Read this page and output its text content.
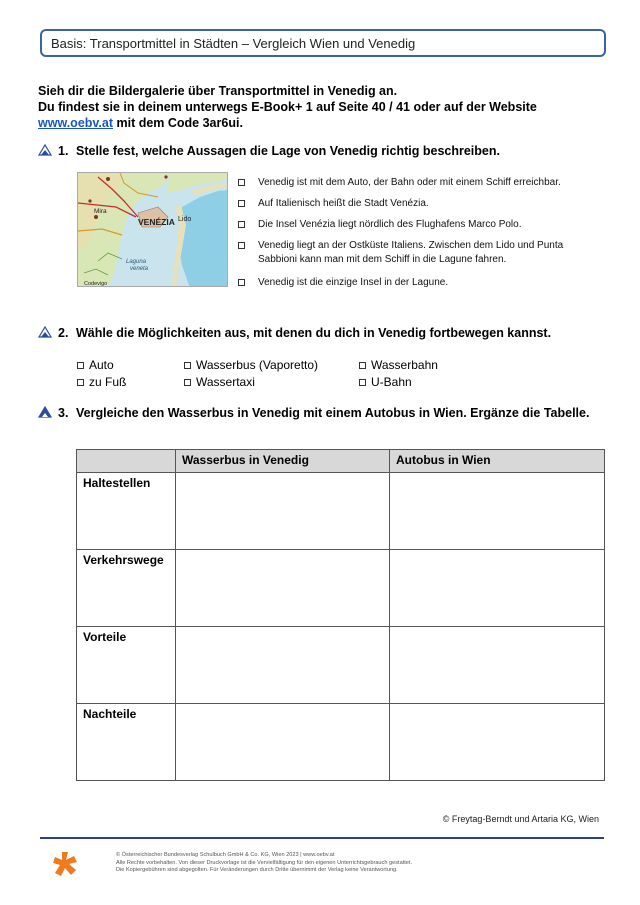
Basis: Transportmittel in Städten – Vergleich Wien und Venedig
Sieh dir die Bildergalerie über Transportmittel in Venedig an.
Du findest sie in deinem unterwegs E-Book+ 1 auf Seite 40 / 41 oder auf der Website
www.oebv.at mit dem Code 3ar6ui.
1. Stelle fest, welche Aussagen die Lage von Venedig richtig beschreiben.
VENÉZIA Lido
Laguna
veneta
Mira
Codevigo
Venedig ist mit dem Auto, der Bahn oder mit einem Schiff erreichbar.
Auf Italienisch heißt die Stadt Venézia.
Die Insel Venézia liegt nördlich des Flughafens Marco Polo.
Venedig liegt an der Ostküste Italiens. Zwischen dem Lido und Punta Sabbioni kann man mit dem Schiff in die Lagune fahren.
Venedig ist die einzige Insel in der Lagune.
2. Wähle die Möglichkeiten aus, mit denen du dich in Venedig fortbewegen kannst.
Auto	Wasserbus (Vaporetto)	Wasserbahn
zu Fuß	Wassertaxi	U-Bahn
3. Vergleiche den Wasserbus in Venedig mit einem Autobus in Wien. Ergänze die Tabelle.
	Wasserbus in Venedig	Autobus in Wien
Haltestellen		
Verkehrswege		
Vorteile		
Nachteile		
© Freytag-Berndt und Artaria KG, Wien
© Österreichischer Bundesverlag Schulbuch GmbH & Co. KG, Wien 2023 | www.oebv.at
Alle Rechte vorbehalten. Von dieser Druckvorlage ist die Vervielfältigung für den eigenen Unterrichtsgebrauch gestattet.
Die Kopiergebühren sind abgegolten. Für Veränderungen durch Dritte übernimmt der Verlag keine Verantwortung.
